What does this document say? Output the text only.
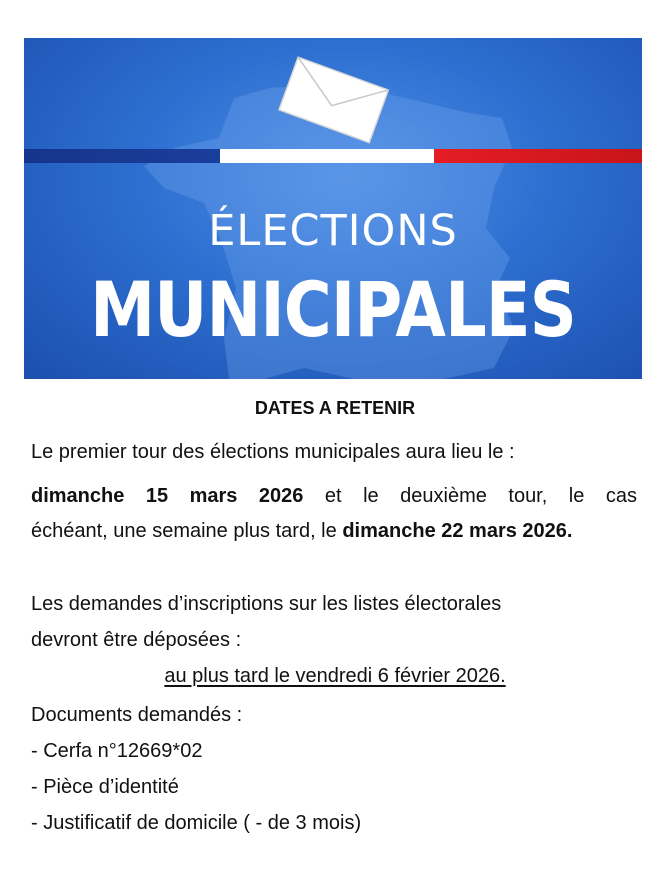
ÉLECTIONS
MUNICIPALES
DATES A RETENIR
Le premier tour des élections municipales aura lieu le :
dimanche 15 mars 2026 et le deuxième tour, le cas
échéant, une semaine plus tard, le dimanche 22 mars 2026.
Les demandes d’inscriptions sur les listes électorales
devront être déposées :
au plus tard le vendredi 6 février 2026.
Documents demandés :
- Cerfa n°12669*02
- Pièce d’identité
- Justificatif de domicile ( - de 3 mois)
